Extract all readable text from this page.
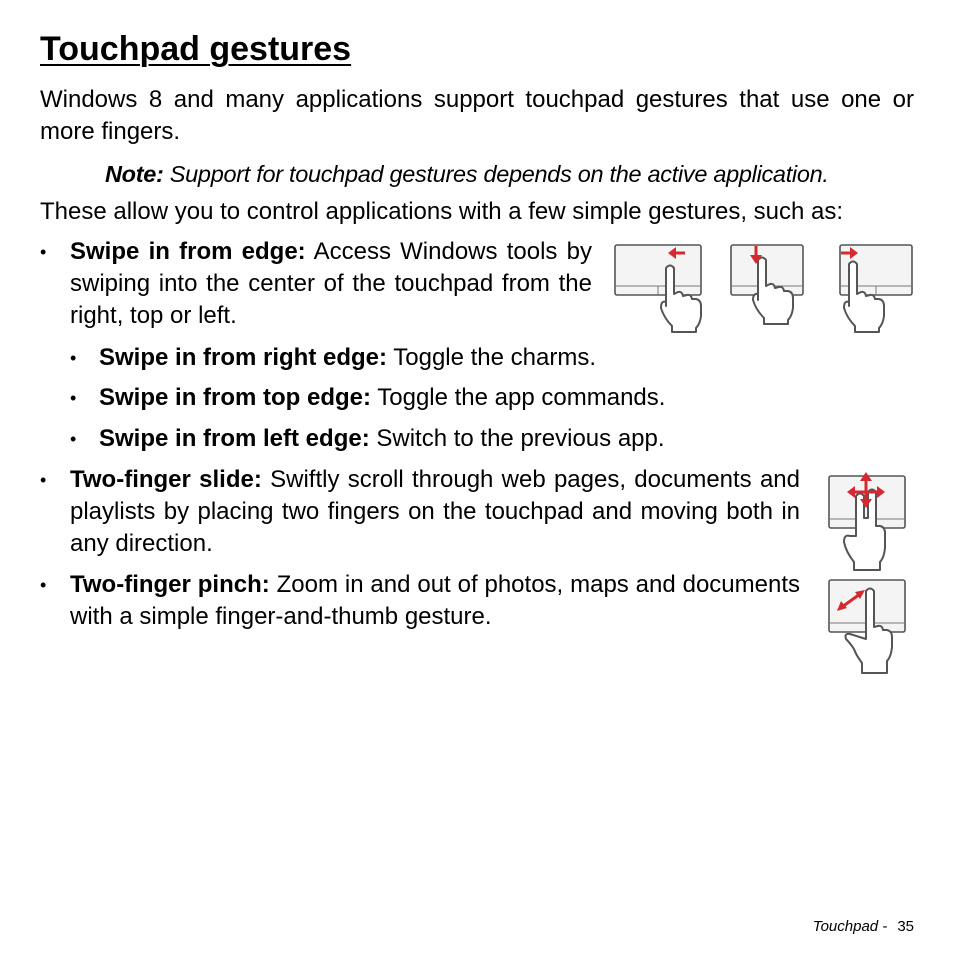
Touchpad gestures

Windows 8 and many applications support touchpad gestures that use one or more fingers.

Note: Support for touchpad gestures depends on the active application.

These allow you to control applications with a few simple gestures, such as:

• Swipe in from edge: Access Windows tools by swiping into the center of the touchpad from the right, top or left.

• Swipe in from right edge: Toggle the charms.

• Swipe in from top edge: Toggle the app commands.

• Swipe in from left edge: Switch to the previous app.

• Two-finger slide: Swiftly scroll through web pages, documents and playlists by placing two fingers on the touchpad and moving both in any direction.

• Two-finger pinch: Zoom in and out of photos, maps and documents with a simple finger-and-thumb gesture.

Touchpad - 35
